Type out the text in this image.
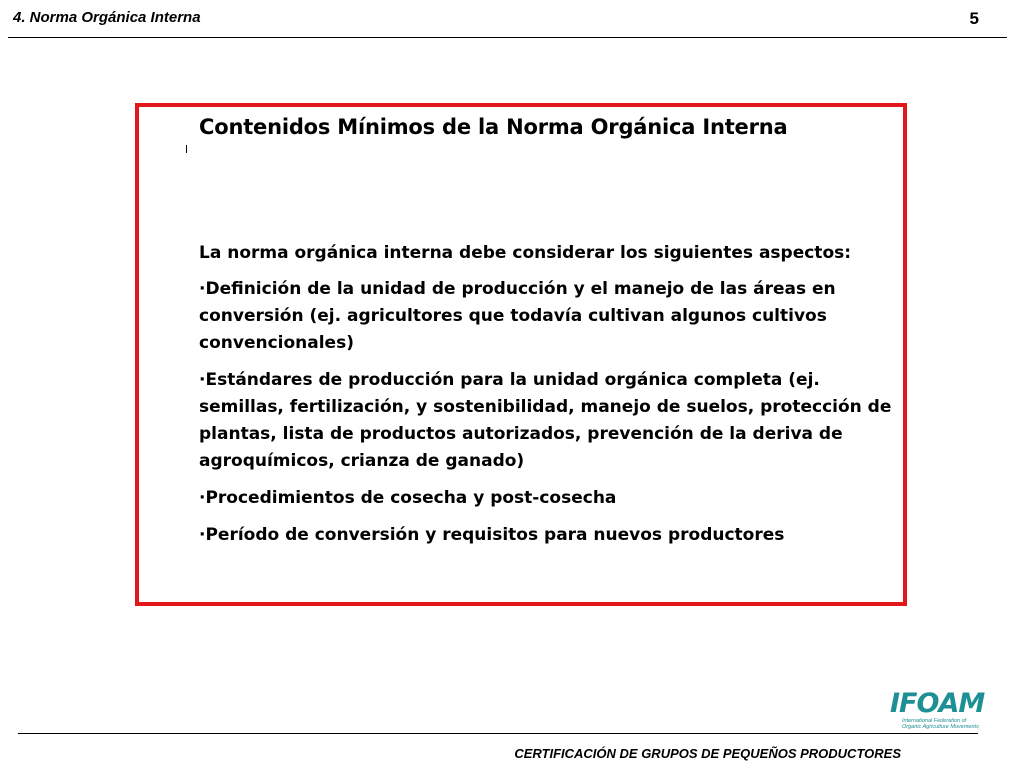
4. Norma Orgánica Interna	5
Contenidos Mínimos de la Norma Orgánica Interna

La norma orgánica interna debe considerar los siguientes aspectos:

·Definición de la unidad de producción y el manejo de las áreas en conversión (ej. agricultores que todavía cultivan algunos cultivos convencionales)

·Estándares de producción para la unidad orgánica completa (ej. semillas, fertilización, y sostenibilidad, manejo de suelos, protección de plantas, lista de productos autorizados, prevención de la deriva de agroquímicos, crianza de ganado)

·Procedimientos de cosecha y post-cosecha

·Período de conversión y requisitos para nuevos productores

IFOAM
International Federation of
Organic Agriculture Movements
CERTIFICACIÓN DE GRUPOS DE PEQUEÑOS PRODUCTORES
